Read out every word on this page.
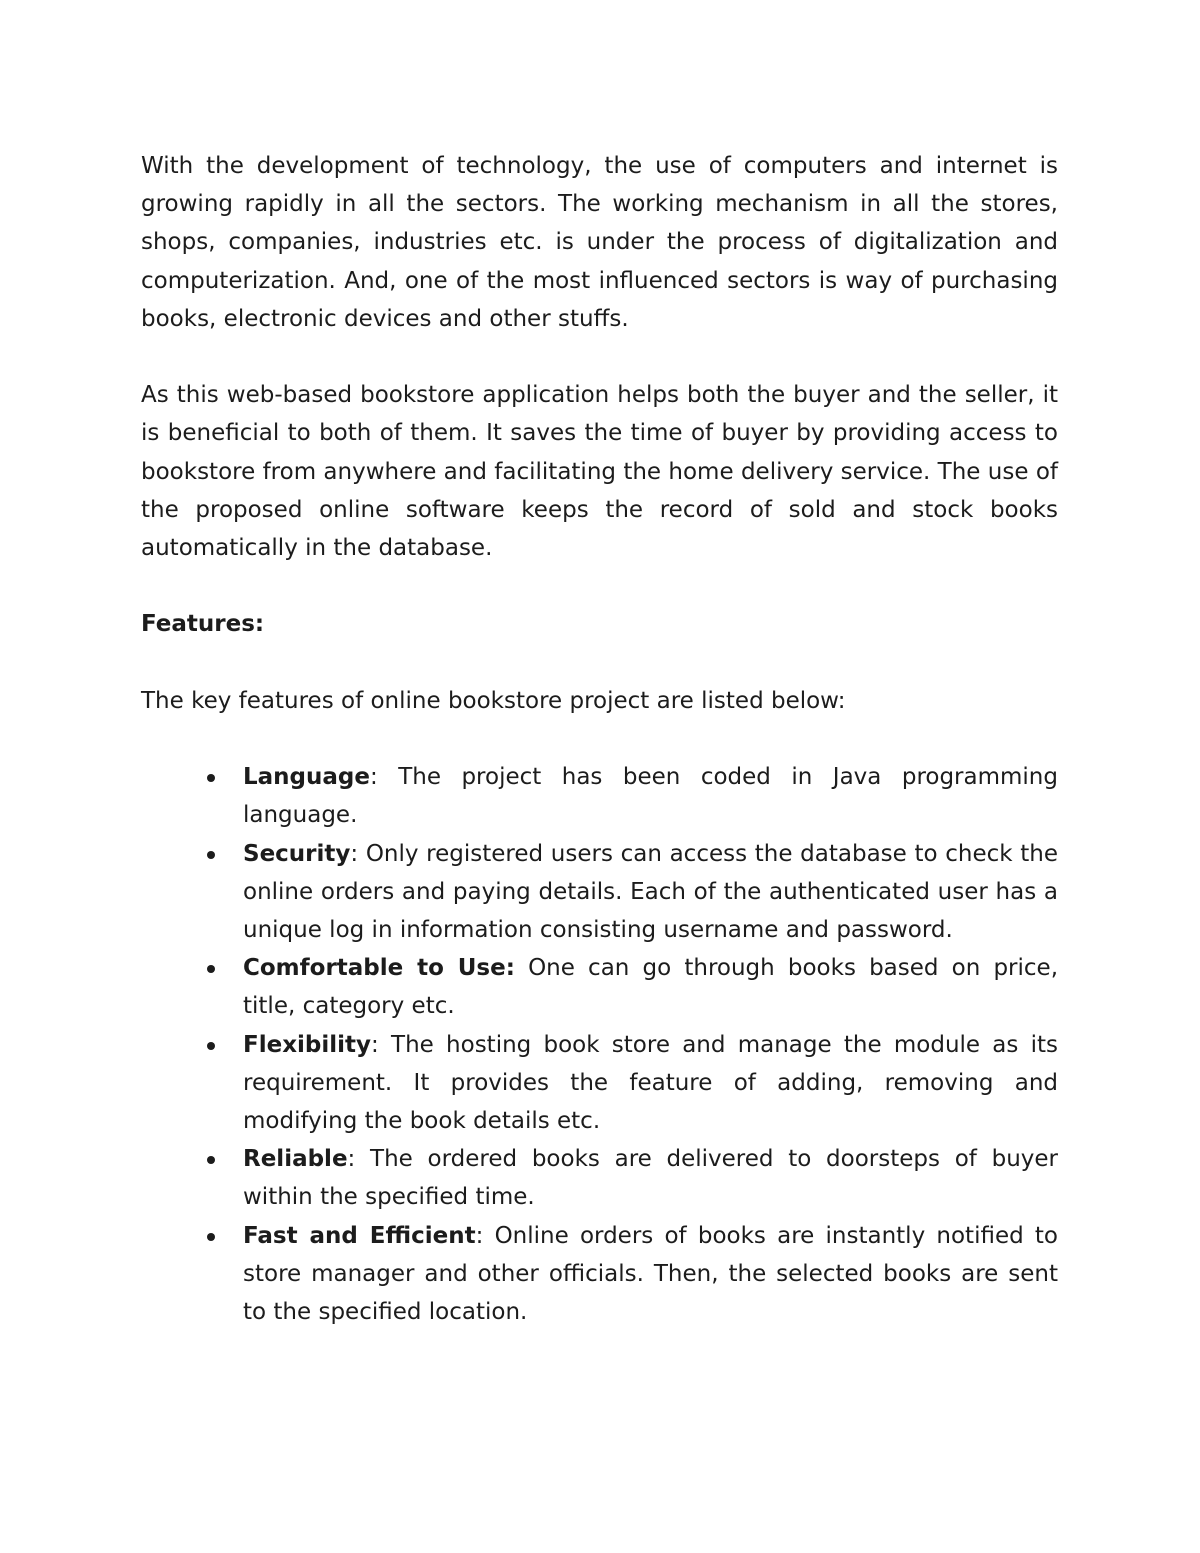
With the development of technology, the use of computers and internet is growing rapidly in all the sectors. The working mechanism in all the stores, shops, companies, industries etc. is under the process of digitalization and computerization. And, one of the most influenced sectors is way of purchasing books, electronic devices and other stuffs.

As this web-based bookstore application helps both the buyer and the seller, it is beneficial to both of them. It saves the time of buyer by providing access to bookstore from anywhere and facilitating the home delivery service. The use of the proposed online software keeps the record of sold and stock books automatically in the database.

Features:

The key features of online bookstore project are listed below:

Language: The project has been coded in Java programming language.
Security: Only registered users can access the database to check the online orders and paying details. Each of the authenticated user has a unique log in information consisting username and password.
Comfortable to Use: One can go through books based on price, title, category etc.
Flexibility: The hosting book store and manage the module as its requirement. It provides the feature of adding, removing and modifying the book details etc.
Reliable: The ordered books are delivered to doorsteps of buyer within the specified time.
Fast and Efficient: Online orders of books are instantly notified to store manager and other officials. Then, the selected books are sent to the specified location.
